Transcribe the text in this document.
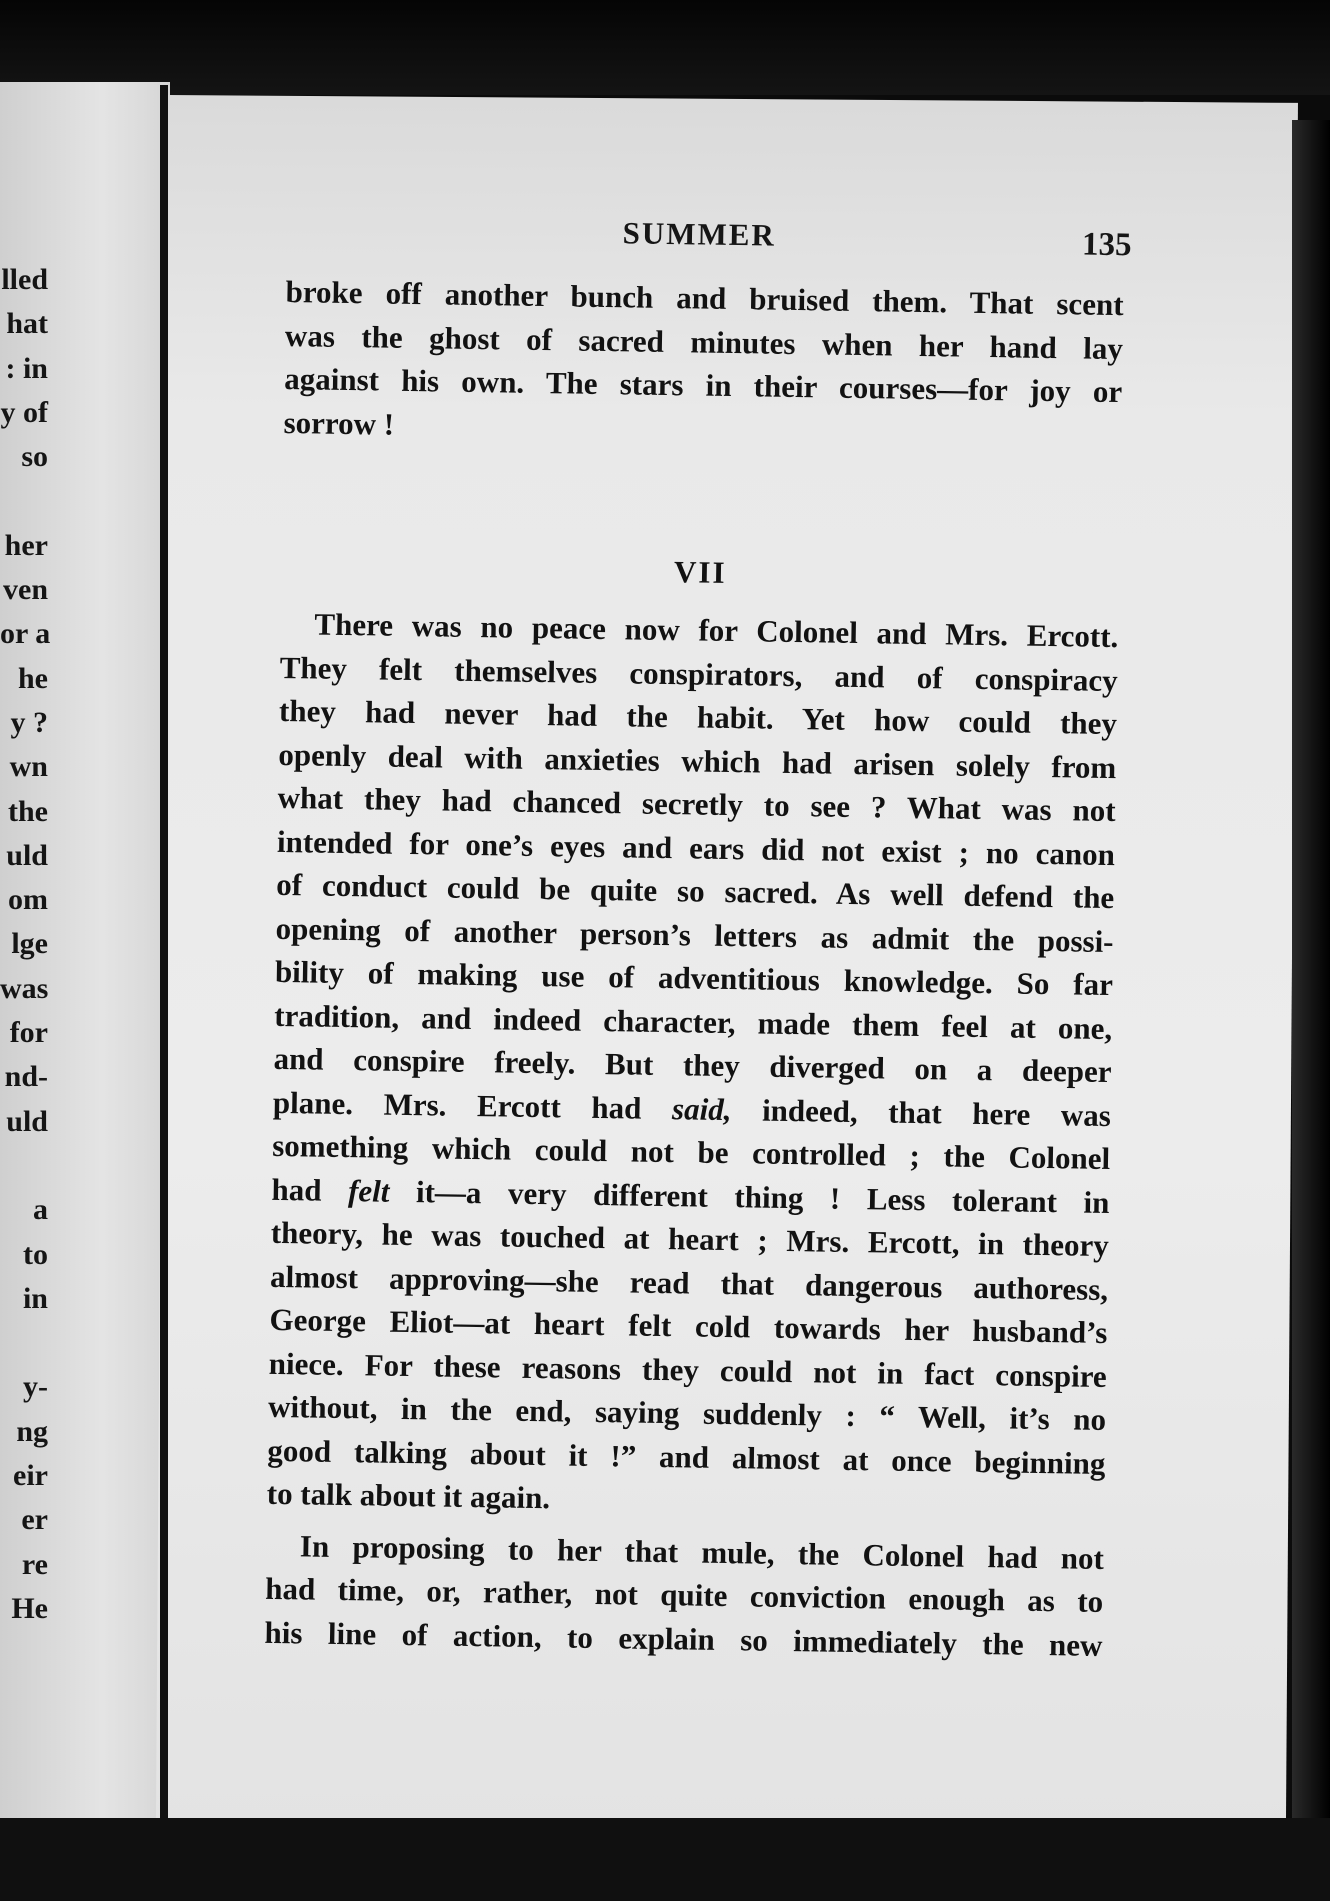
lled
hat
: in
y of
so
her
ven
or a
he
y ?
wn
the
uld
om
lge
was
for
nd-
uld
a
to
in
y-
ng
eir
er
re
He
SUMMER	135
broke off another bunch and bruised them. That scent
was the ghost of sacred minutes when her hand lay
against his own. The stars in their courses—for joy or
sorrow !
VII
There was no peace now for Colonel and Mrs. Ercott.
They felt themselves conspirators, and of conspiracy
they had never had the habit. Yet how could they
openly deal with anxieties which had arisen solely from
what they had chanced secretly to see ? What was not
intended for one’s eyes and ears did not exist ; no canon
of conduct could be quite so sacred. As well defend the
opening of another person’s letters as admit the possi-
bility of making use of adventitious knowledge. So far
tradition, and indeed character, made them feel at one,
and conspire freely. But they diverged on a deeper
plane. Mrs. Ercott had said, indeed, that here was
something which could not be controlled ; the Colonel
had felt it—a very different thing ! Less tolerant in
theory, he was touched at heart ; Mrs. Ercott, in theory
almost approving—she read that dangerous authoress,
George Eliot—at heart felt cold towards her husband’s
niece. For these reasons they could not in fact conspire
without, in the end, saying suddenly : “ Well, it’s no
good talking about it !” and almost at once beginning
to talk about it again.
In proposing to her that mule, the Colonel had not
had time, or, rather, not quite conviction enough as to
his line of action, to explain so immediately the new
